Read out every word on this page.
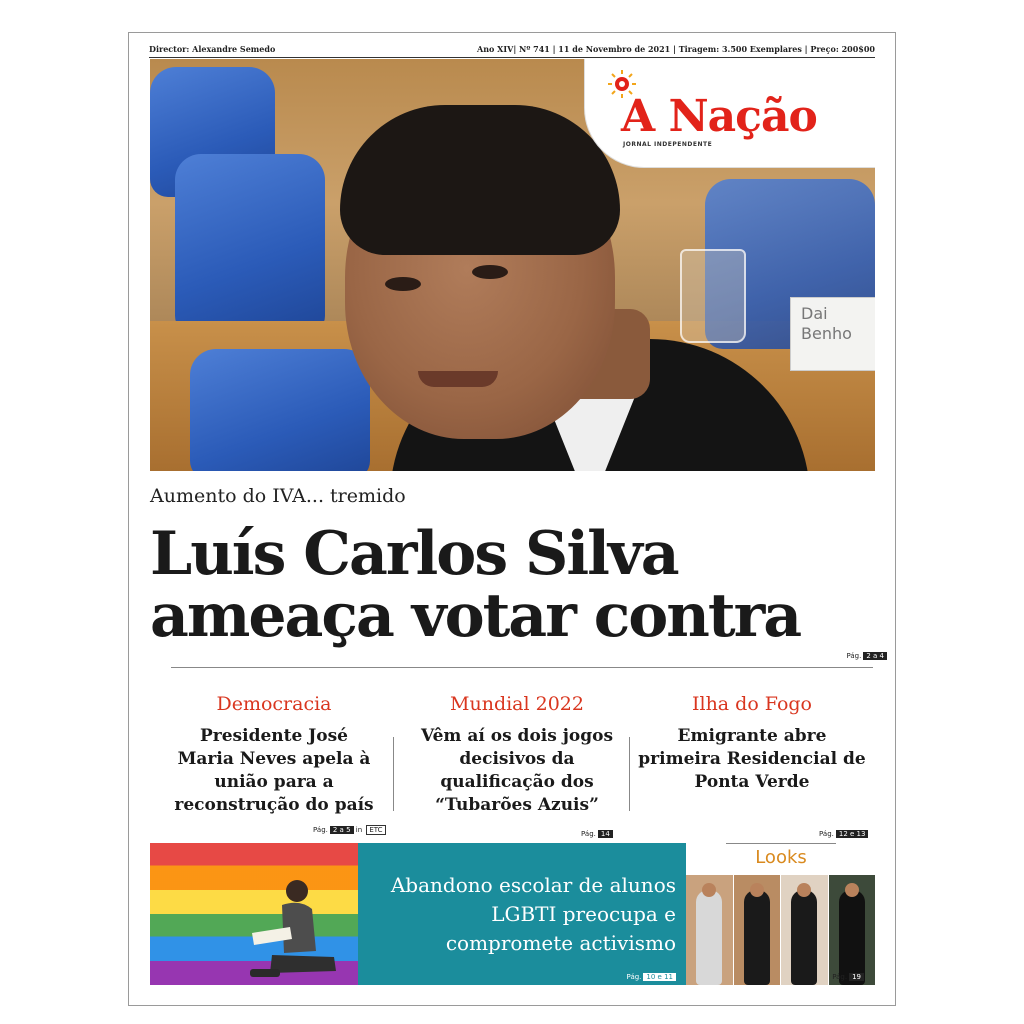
Director: Alexandre Semedo	Ano XIV| Nº 741 | 11 de Novembro de 2021 | Tiragem: 3.500 Exemplares | Preço: 200$00
Dai
Benho
A Nação
JORNAL INDEPENDENTE
Aumento do IVA... tremido
Luís Carlos Silva ameaça votar contra
Pág. 2 a 4
Democracia
Presidente José Maria Neves apela à união para a reconstrução do país
Pág. 2 a 5 in ETC
Mundial 2022
Vêm aí os dois jogos decisivos da qualificação dos “Tubarões Azuis”
Pág. 14
Ilha do Fogo
Emigrante abre primeira Residencial de Ponta Verde
Pág. 12 e 13
Abandono escolar de alunos LGBTI preocupa e compromete activismo
Pág. 10 e 11
Looks
Pág. 19
